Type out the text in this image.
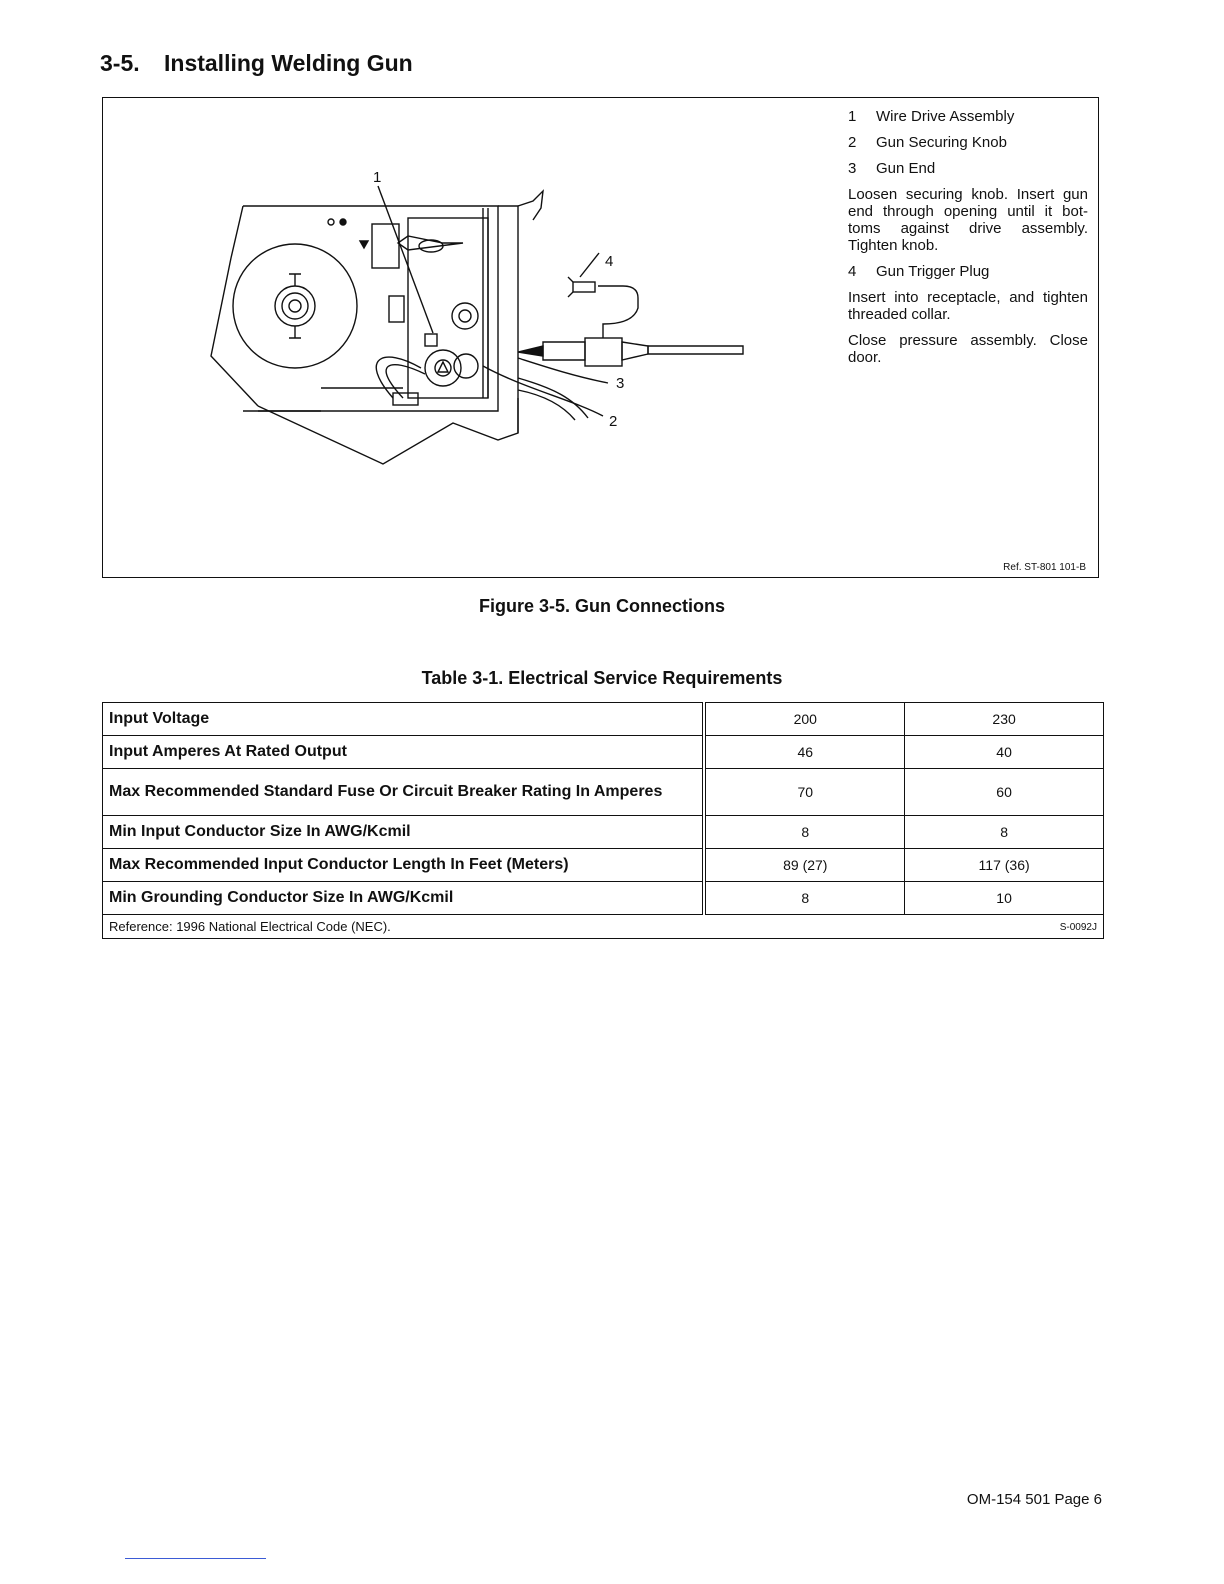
3-5. Installing Welding Gun
1
2
3
4
1	Wire Drive Assembly
2	Gun Securing Knob
3	Gun End

Loosen securing knob. Insert gun end through opening until it bot-toms against drive assembly. Tighten knob.

4	Gun Trigger Plug

Insert into receptacle, and tighten threaded collar.

Close pressure assembly. Close door.

Ref. ST-801 101-B
Figure 3-5. Gun Connections
Table 3-1. Electrical Service Requirements
Input Voltage	200	230
Input Amperes At Rated Output	46	40
Max Recommended Standard Fuse Or Circuit Breaker Rating In Amperes	70	60
Min Input Conductor Size In AWG/Kcmil	8	8
Max Recommended Input Conductor Length In Feet (Meters)	89 (27)	117 (36)
Min Grounding Conductor Size In AWG/Kcmil	8	10
Reference: 1996 National Electrical Code (NEC). S-0092J		
OM-154 501 Page 6
